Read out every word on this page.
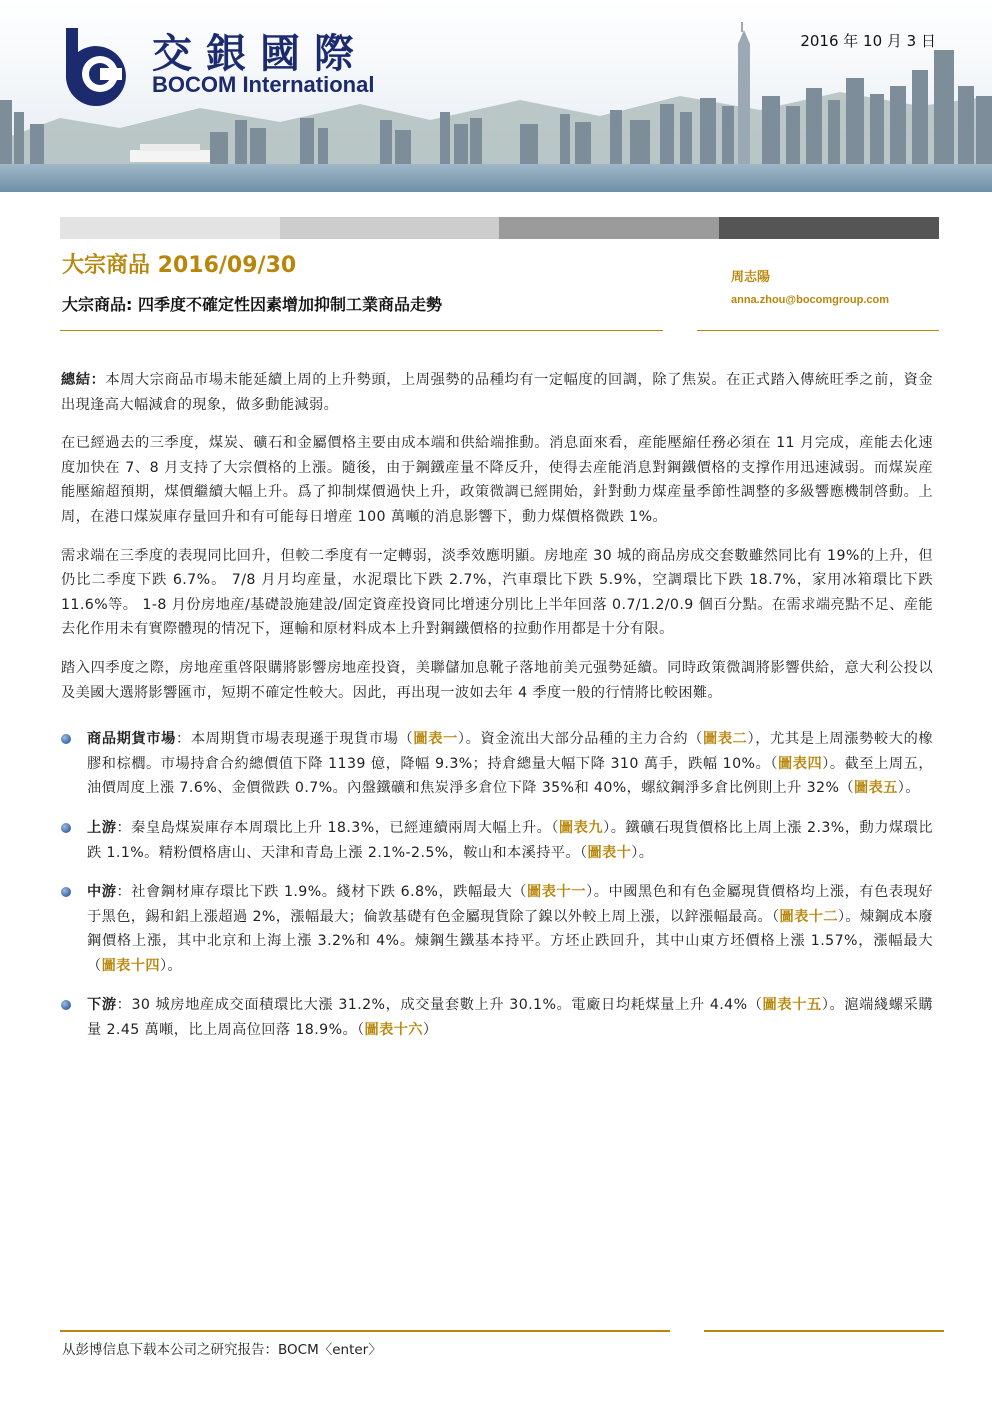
交銀國際
BOCOM International
2016 年 10 月 3 日
大宗商品 2016/09/30
大宗商品: 四季度不確定性因素增加抑制工業商品走勢
周志陽
anna.zhou@bocomgroup.com

總結：本周大宗商品市場未能延續上周的上升勢頭，上周强勢的品種均有一定幅度的回調，除了焦炭。在正式踏入傳統旺季之前，資金出現逢高大幅減倉的現象，做多動能減弱。

在已經過去的三季度，煤炭、礦石和金屬價格主要由成本端和供給端推動。消息面來看，産能壓縮任務必須在 11 月完成，産能去化速度加快在 7、8 月支持了大宗價格的上漲。隨後，由于鋼鐵産量不降反升，使得去産能消息對鋼鐵價格的支撑作用迅速減弱。而煤炭産能壓縮超預期，煤價繼續大幅上升。爲了抑制煤價過快上升，政策微調已經開始，針對動力煤産量季節性調整的多級響應機制啓動。上周，在港口煤炭庫存量回升和有可能每日增産 100 萬噸的消息影響下，動力煤價格微跌 1%。

需求端在三季度的表現同比回升，但較二季度有一定轉弱，淡季效應明顯。房地産 30 城的商品房成交套數雖然同比有 19%的上升，但仍比二季度下跌 6.7%。 7/8 月月均産量，水泥環比下跌 2.7%，汽車環比下跌 5.9%，空調環比下跌 18.7%，家用冰箱環比下跌 11.6%等。 1-8 月份房地産/基礎設施建設/固定資産投資同比增速分別比上半年回落 0.7/1.2/0.9 個百分點。在需求端亮點不足、産能去化作用未有實際體現的情况下，運輸和原材料成本上升對鋼鐵價格的拉動作用都是十分有限。

踏入四季度之際，房地産重啓限購將影響房地産投資，美聯儲加息靴子落地前美元强勢延續。同時政策微調將影響供給，意大利公投以及美國大選將影響匯市，短期不確定性較大。因此，再出現一波如去年 4 季度一般的行情將比較困難。

商品期貨市場：本周期貨市場表現遜于現貨市場（圖表一）。資金流出大部分品種的主力合約（圖表二），尤其是上周漲勢較大的橡膠和棕櫚。市場持倉合約總價值下降 1139 億，降幅 9.3%；持倉總量大幅下降 310 萬手，跌幅 10%。（圖表四）。截至上周五，油價周度上漲 7.6%、金價微跌 0.7%。內盤鐵礦和焦炭淨多倉位下降 35%和 40%，螺紋鋼淨多倉比例則上升 32%（圖表五）。
上游：秦皇島煤炭庫存本周環比上升 18.3%，已經連續兩周大幅上升。（圖表九）。鐵礦石現貨價格比上周上漲 2.3%，動力煤環比跌 1.1%。精粉價格唐山、天津和青島上漲 2.1%-2.5%，鞍山和本溪持平。（圖表十）。
中游：社會鋼材庫存環比下跌 1.9%。綫材下跌 6.8%，跌幅最大（圖表十一）。中國黑色和有色金屬現貨價格均上漲，有色表現好于黑色，錫和鋁上漲超過 2%，漲幅最大；倫敦基礎有色金屬現貨除了鎳以外較上周上漲，以鋅漲幅最高。（圖表十二）。煉鋼成本廢鋼價格上漲，其中北京和上海上漲 3.2%和 4%。煉鋼生鐵基本持平。方坯止跌回升，其中山東方坯價格上漲 1.57%，漲幅最大（圖表十四）。
下游：30 城房地産成交面積環比大漲 31.2%，成交量套數上升 30.1%。電廠日均耗煤量上升 4.4%（圖表十五）。滬端綫螺采購量 2.45 萬噸，比上周高位回落 18.9%。（圖表十六）
从彭博信息下载本公司之研究报告：BOCM〈enter〉
